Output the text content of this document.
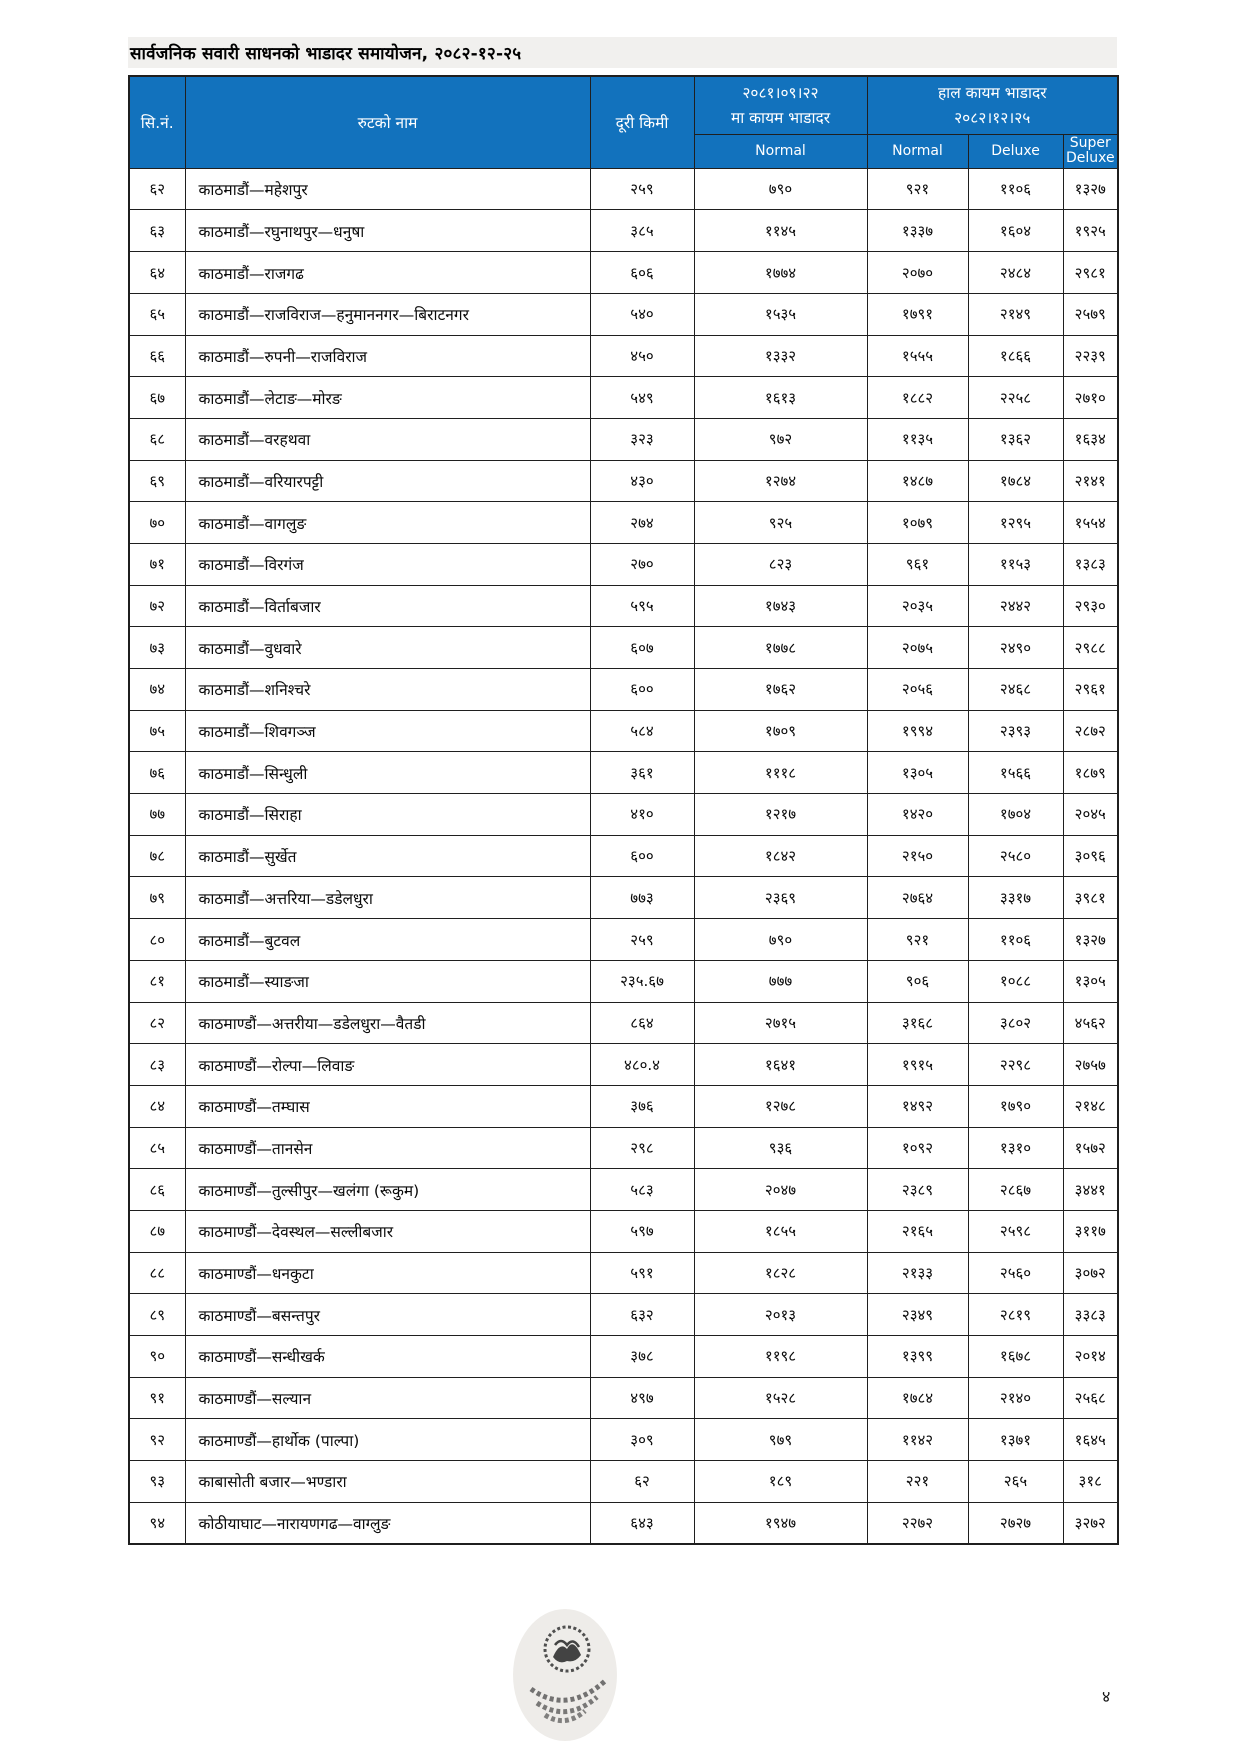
सार्वजनिक सवारी साधनको भाडादर समायोजन, २०८२-१२-२५
सि.नं.	रुटको नाम	दूरी किमी	
२०८१।०९।२२
मा कायम भाडादर

हाल कायम भाडादर
२०८२।१२।२५

			Normal	Normal	Deluxe	Super Deluxe
६२	काठमाडौं—महेशपुर	२५९	७९०	९२१	११०६	१३२७
६३	काठमाडौं—रघुनाथपुर—धनुषा	३८५	११४५	१३३७	१६०४	१९२५
६४	काठमाडौं—राजगढ	६०६	१७७४	२०७०	२४८४	२९८१
६५	काठमाडौं—राजविराज—हनुमाननगर—बिराटनगर	५४०	१५३५	१७९१	२१४९	२५७९
६६	काठमाडौं—रुपनी—राजविराज	४५०	१३३२	१५५५	१८६६	२२३९
६७	काठमाडौं—लेटाङ—मोरङ	५४९	१६१३	१८८२	२२५८	२७१०
६८	काठमाडौं—वरहथवा	३२३	९७२	११३५	१३६२	१६३४
६९	काठमाडौं—वरियारपट्टी	४३०	१२७४	१४८७	१७८४	२१४१
७०	काठमाडौं—वागलुङ	२७४	९२५	१०७९	१२९५	१५५४
७१	काठमाडौं—विरगंज	२७०	८२३	९६१	११५३	१३८३
७२	काठमाडौं—विर्ताबजार	५९५	१७४३	२०३५	२४४२	२९३०
७३	काठमाडौं—वुधवारे	६०७	१७७८	२०७५	२४९०	२९८८
७४	काठमाडौं—शनिश्चरे	६००	१७६२	२०५६	२४६८	२९६१
७५	काठमाडौं—शिवगञ्ज	५८४	१७०९	१९९४	२३९३	२८७२
७६	काठमाडौं—सिन्धुली	३६१	१११८	१३०५	१५६६	१८७९
७७	काठमाडौं—सिराहा	४१०	१२१७	१४२०	१७०४	२०४५
७८	काठमाडौं—सुर्खेत	६००	१८४२	२१५०	२५८०	३०९६
७९	काठमाडौं—अत्तरिया—डडेलधुरा	७७३	२३६९	२७६४	३३१७	३९८१
८०	काठमाडौं—बुटवल	२५९	७९०	९२१	११०६	१३२७
८१	काठमाडौं—स्याङजा	२३५.६७	७७७	९०६	१०८८	१३०५
८२	काठमाण्डौं—अत्तरीया—डडेलधुरा—वैतडी	८६४	२७१५	३१६८	३८०२	४५६२
८३	काठमाण्डौं—रोल्पा—लिवाङ	४८०.४	१६४१	१९१५	२२९८	२७५७
८४	काठमाण्डौं—तम्घास	३७६	१२७८	१४९२	१७९०	२१४८
८५	काठमाण्डौं—तानसेन	२९८	९३६	१०९२	१३१०	१५७२
८६	काठमाण्डौं—तुल्सीपुर—खलंगा (रूकुम)	५८३	२०४७	२३८९	२८६७	३४४१
८७	काठमाण्डौं—देवस्थल—सल्लीबजार	५९७	१८५५	२१६५	२५९८	३११७
८८	काठमाण्डौं—धनकुटा	५९१	१८२८	२१३३	२५६०	३०७२
८९	काठमाण्डौं—बसन्तपुर	६३२	२०१३	२३४९	२८१९	३३८३
९०	काठमाण्डौं—सन्धीखर्क	३७८	११९८	१३९९	१६७८	२०१४
९१	काठमाण्डौं—सल्यान	४९७	१५२८	१७८४	२१४०	२५६८
९२	काठमाण्डौं—हार्थोक (पाल्पा)	३०९	९७९	११४२	१३७१	१६४५
९३	काबासोती बजार—भण्डारा	६२	१८९	२२१	२६५	३१८
९४	कोठीयाघाट—नारायणगढ—वाग्लुङ	६४३	१९४७	२२७२	२७२७	३२७२
४
